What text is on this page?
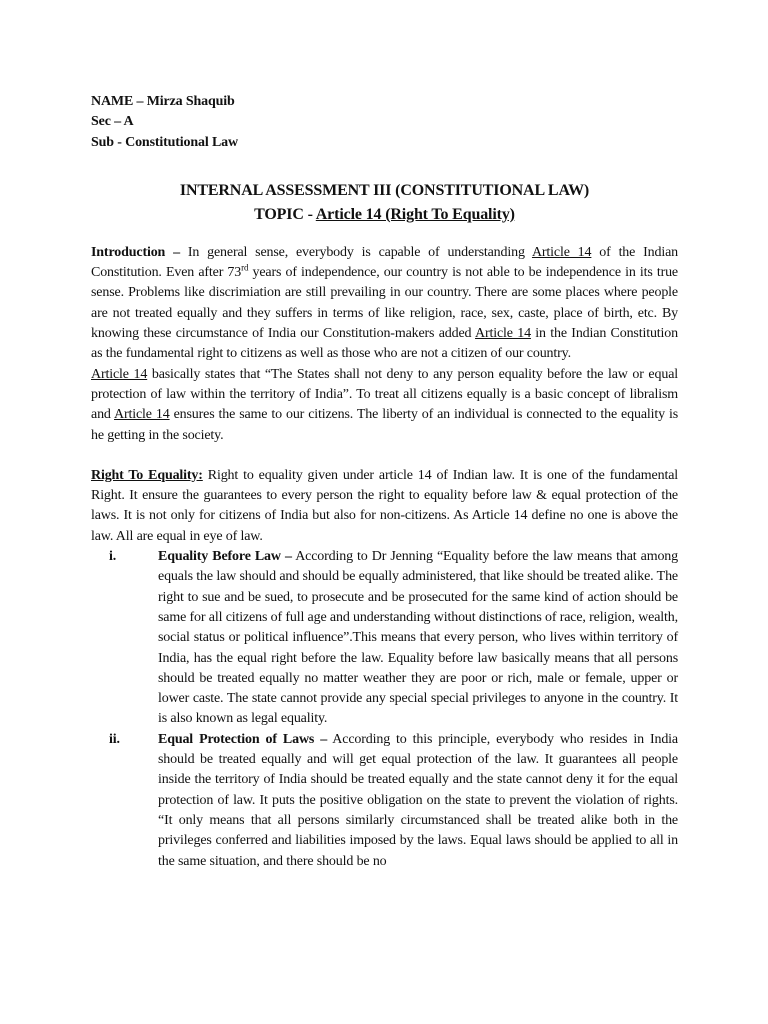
NAME – Mirza Shaquib

Sec – A

Sub - Constitutional Law

INTERNAL ASSESSMENT III (CONSTITUTIONAL LAW)

TOPIC - Article 14 (Right To Equality)

Introduction – In general sense, everybody is capable of understanding Article 14 of the Indian Constitution. Even after 73rd years of independence, our country is not able to be independence in its true sense. Problems like discrimiation are still prevailing in our country. There are some places where people are not treated equally and they suffers in terms of like religion, race, sex, caste, place of birth, etc. By knowing these circumstance of India our Constitution-makers added Article 14 in the Indian Constitution as the fundamental right to citizens as well as those who are not a citizen of our country.

Article 14 basically states that “The States shall not deny to any person equality before the law or equal protection of law within the territory of India”. To treat all citizens equally is a basic concept of libralism and Article 14 ensures the same to our citizens. The liberty of an individual is connected to the equality is he getting in the society.

Right To Equality: Right to equality given under article 14 of Indian law. It is one of the fundamental Right. It ensure the guarantees to every person the right to equality before law & equal protection of the laws. It is not only for citizens of India but also for non-citizens. As Article 14 define no one is above the law. All are equal in eye of law.

i.	Equality Before Law – According to Dr Jenning “Equality before the law means that among equals the law should and should be equally administered, that like should be treated alike. The right to sue and be sued, to prosecute and be prosecuted for the same kind of action should be same for all citizens of full age and understanding without distinctions of race, religion, wealth, social status or political influence”.This means that every person, who lives within territory of India, has the equal right before the law. Equality before law basically means that all persons should be treated equally no matter weather they are poor or rich, male or female, upper or lower caste. The state cannot provide any special special privileges to anyone in the country. It is also known as legal equality.
ii.	Equal Protection of Laws – According to this principle, everybody who resides in India should be treated equally and will get equal protection of the law. It guarantees all people inside the territory of India should be treated equally and the state cannot deny it for the equal protection of law. It puts the positive obligation on the state to prevent the violation of rights. “It only means that all persons similarly circumstanced shall be treated alike both in the privileges conferred and liabilities imposed by the laws. Equal laws should be applied to all in the same situation, and there should be no
